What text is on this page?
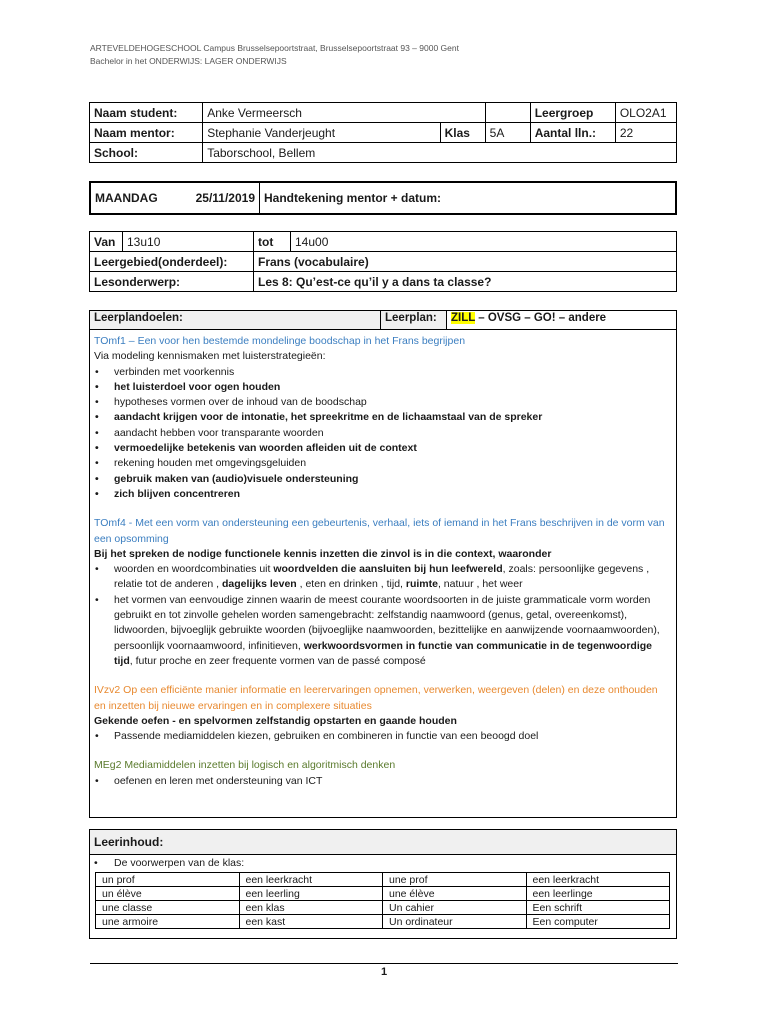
ARTEVELDEHOGESCHOOL Campus Brusselsepoortstraat, Brusselsepoortstraat 93 – 9000 Gent
Bachelor in het ONDERWIJS: LAGER ONDERWIJS
Naam student:	Anke Vermeersch			Leergroep	OLO2A1
Naam mentor:	Stephanie Vanderjeught	Klas	5A	Aantal lln.:	22
School:	Taborschool, Bellem				
MAANDAG	25/11/2019	Handtekening mentor + datum:
Van	13u10	tot	14u00
Leergebied(onderdeel):		Frans (vocabulaire)	
Lesonderwerp:		Les 8: Qu’est-ce qu’il y a dans ta classe?	
Leerplandoelen:	Leerplan:	ZILL – OVSG – GO! – andere
TOmf1 – Een voor hen bestemde mondelinge boodschap in het Frans begrijpen
Via modeling kennismaken met luisterstrategieën:
• verbinden met voorkennis
• het luisterdoel voor ogen houden
• hypotheses vormen over de inhoud van de boodschap
• aandacht krijgen voor de intonatie, het spreekritme en de lichaamstaal van de spreker
• aandacht hebben voor transparante woorden
• vermoedelijke betekenis van woorden afleiden uit de context
• rekening houden met omgevingsgeluiden
• gebruik maken van (audio)visuele ondersteuning
• zich blijven concentreren
TOmf4 - Met een vorm van ondersteuning een gebeurtenis, verhaal, iets of iemand in het Frans beschrijven in de vorm van een opsomming
Bij het spreken de nodige functionele kennis inzetten die zinvol is in die context, waaronder
• woorden en woordcombinaties uit woordvelden die aansluiten bij hun leefwereld, zoals: persoonlijke gegevens , relatie tot de anderen , dagelijks leven , eten en drinken , tijd, ruimte, natuur , het weer
• het vormen van eenvoudige zinnen waarin de meest courante woordsoorten in de juiste grammaticale vorm worden gebruikt en tot zinvolle gehelen worden samengebracht: zelfstandig naamwoord (genus, getal, overeenkomst), lidwoorden, bijvoeglijk gebruikte woorden (bijvoeglijke naamwoorden, bezittelijke en aanwijzende voornaamwoorden), persoonlijk voornaamwoord, infinitieven, werkwoordsvormen in functie van communicatie in de tegenwoordige tijd, futur proche en zeer frequente vormen van de passé composé
IVzv2 Op een efficiënte manier informatie en leerervaringen opnemen, verwerken, weergeven (delen) en deze onthouden en inzetten bij nieuwe ervaringen en in complexere situaties
Gekende oefen - en spelvormen zelfstandig opstarten en gaande houden
• Passende mediamiddelen kiezen, gebruiken en combineren in functie van een beoogd doel
MEg2 Mediamiddelen inzetten bij logisch en algoritmisch denken
• oefenen en leren met ondersteuning van ICT
Leerinhoud:
• De voorwerpen van de klas:
un prof	een leerkracht	une prof	een leerkracht
un élève	een leerling	une élève	een leerlinge
une classe	een klas	Un cahier	Een schrift
une armoire	een kast	Un ordinateur	Een computer
1
